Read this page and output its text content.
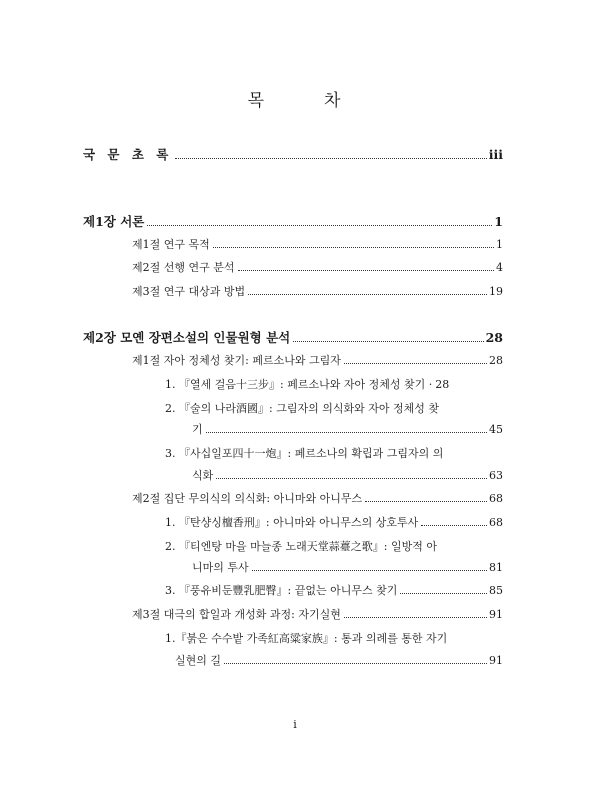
목	차
국 문 초 록	iii
제1장 서론	1
제1절 연구 목적	1
제2절 선행 연구 분석	4
제3절 연구 대상과 방법	19
제2장 모옌 장편소설의 인물원형 분석	28
제1절 자아 정체성 찾기: 페르소나와 그림자	28
1. 『열세 걸음十三步』: 페르소나와 자아 정체성 찾기 · 28
2. 『술의 나라酒國』: 그림자의 의식화와 자아 정체성 찾
기	45
3. 『사십일포四十一炮』: 페르소나의 확립과 그림자의 의
식화	63
제2절 집단 무의식의 의식화: 아니마와 아니무스	68
1. 『탄샹싱檀香刑』: 아니마와 아니무스의 상호투사	68
2. 『티엔탕 마을 마늘종 노래天堂蒜薹之歌』: 일방적 아
니마의 투사	81
3. 『풍유비둔豐乳肥臀』: 끝없는 아니무스 찾기	85
제3절 대극의 합일과 개성화 과정: 자기실현	91
1.『붉은 수수밭 가족紅高粱家族』: 통과 의례를 통한 자기
실현의 길	91
i
